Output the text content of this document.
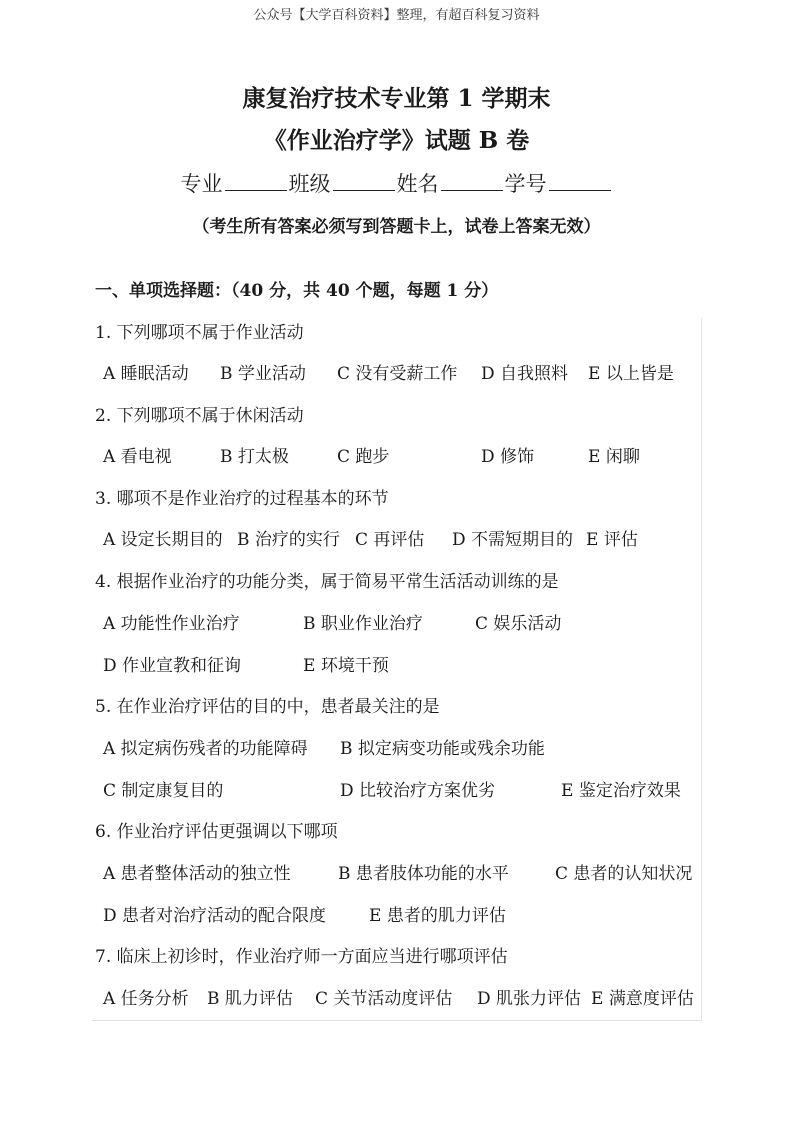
公众号【大学百科资料】整理，有超百科复习资料
康复治疗技术专业第 1 学期末
《作业治疗学》试题 B 卷
专业	班级	姓名	学号
（考生所有答案必须写到答题卡上，试卷上答案无效）
一、单项选择题：（40 分，共 40 个题，每题 1 分）
1. 下列哪项不属于作业活动
A 睡眠活动 B 学业活动 C 没有受薪工作 D 自我照料 E 以上皆是
2. 下列哪项不属于休闲活动
A 看电视	B 打太极	C 跑步	D 修饰	E 闲聊
3. 哪项不是作业治疗的过程基本的环节
A 设定长期目的 B 治疗的实行 C 再评估 D 不需短期目的 E 评估
4. 根据作业治疗的功能分类，属于简易平常生活活动训练的是
A 功能性作业治疗	B 职业作业治疗	C 娱乐活动
D 作业宣教和征询	E 环境干预
5. 在作业治疗评估的目的中，患者最关注的是
A 拟定病伤残者的功能障碍 B 拟定病变功能或残余功能
C 制定康复目的	D 比较治疗方案优劣	E 鉴定治疗效果
6. 作业治疗评估更强调以下哪项
A 患者整体活动的独立性	B 患者肢体功能的水平	C 患者的认知状况
D 患者对治疗活动的配合限度	E 患者的肌力评估
7. 临床上初诊时，作业治疗师一方面应当进行哪项评估
A 任务分析 B 肌力评估 C 关节活动度评估 D 肌张力评估 E 满意度评估
